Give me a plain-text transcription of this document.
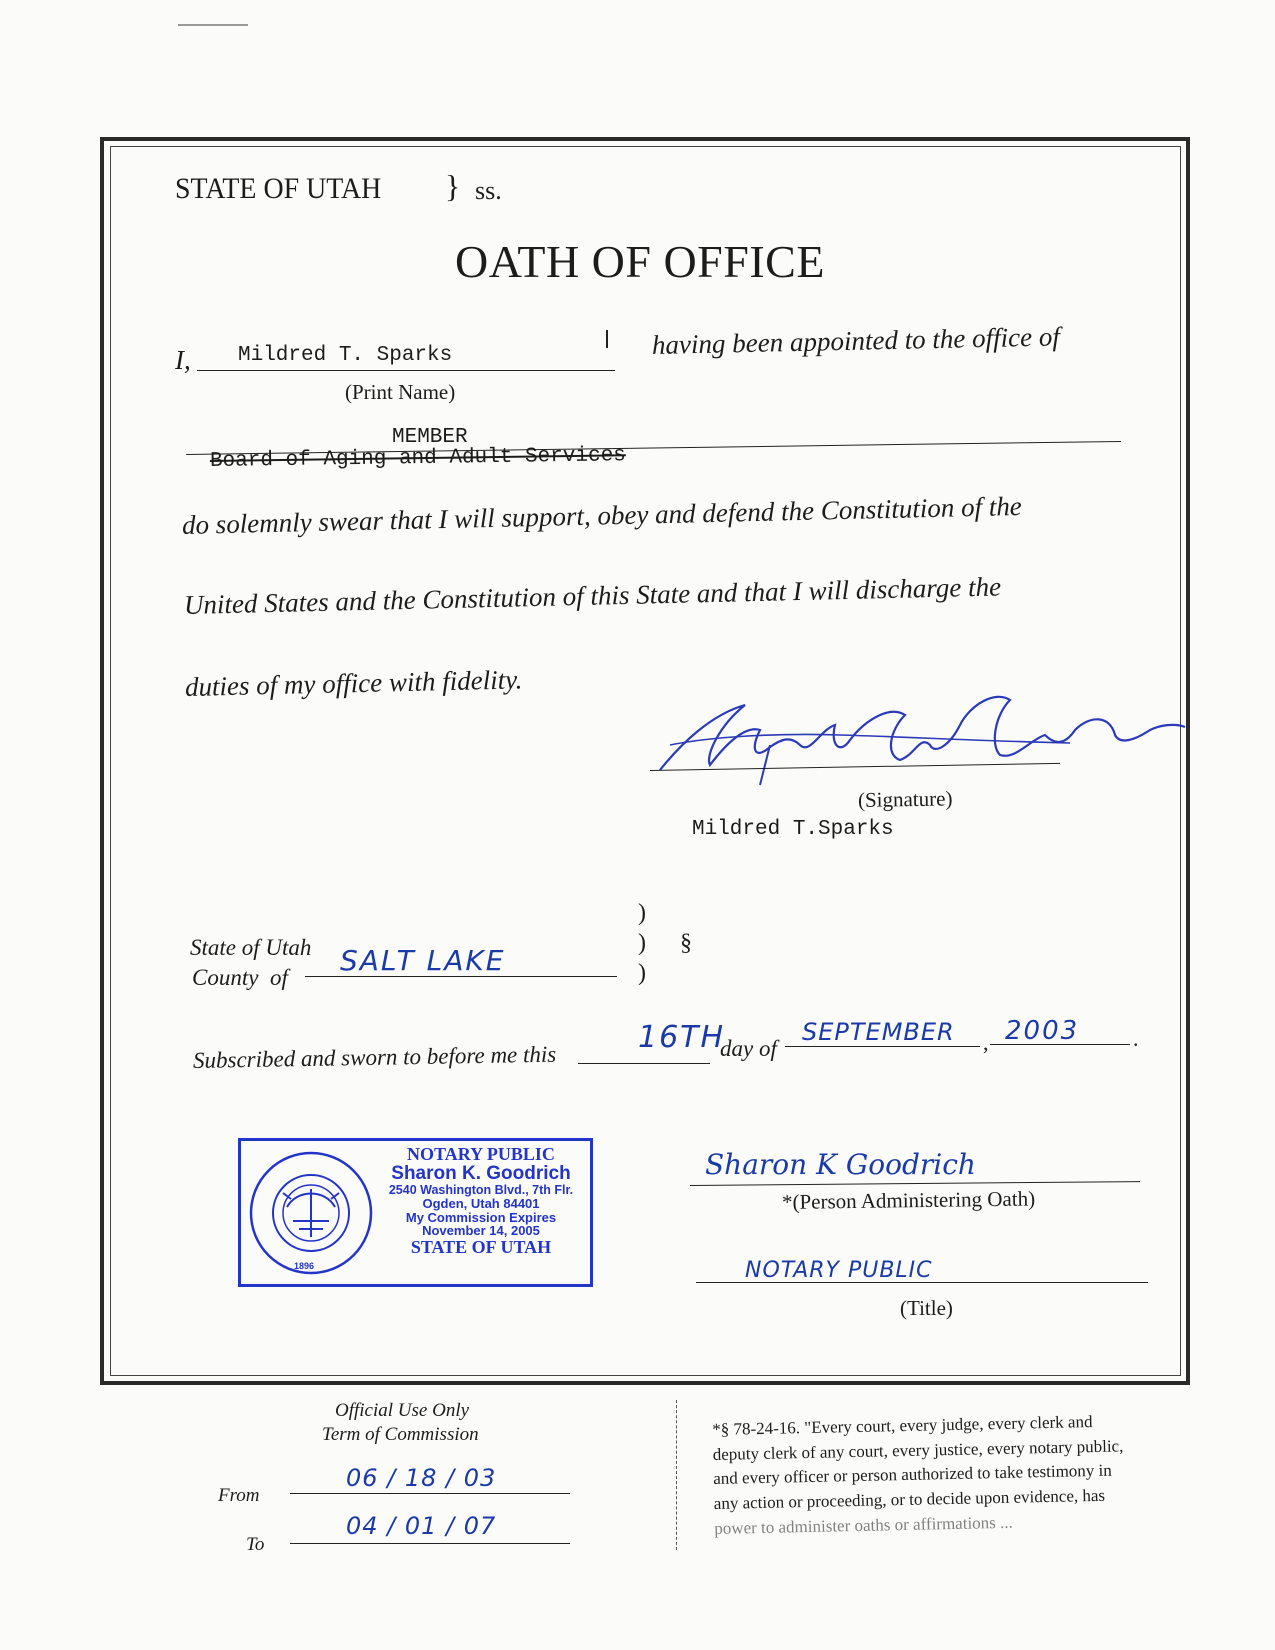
STATE OF UTAH } ss.
OATH OF OFFICE
I, Mildred T. Sparks
(Print Name)
having been appointed to the office of
MEMBER
Board of Aging and Adult Services
do solemnly swear that I will support, obey and defend the Constitution of the
United States and the Constitution of this State and that I will discharge the
duties of my office with fidelity.
(Signature)
Mildred T.Sparks
State of Utah
County  of
SALT LAKE
)
)
)
§
Subscribed and sworn to before me this
16TH
day of
SEPTEMBER , 2003 .
1896
NOTARY PUBLIC
Sharon K. Goodrich
2540 Washington Blvd., 7th Flr.
Ogden, Utah 84401
My Commission Expires
November 14, 2005
STATE OF UTAH
Sharon K Goodrich
*(Person Administering Oath)
NOTARY PUBLIC
(Title)
Official Use Only
Term of Commission
From
06 / 18 / 03
To
04 / 01 / 07
*§ 78-24-16. "Every court, every judge, every clerk and
deputy clerk of any court, every justice, every notary public,
and every officer or person authorized to take testimony in
any action or proceeding, or to decide upon evidence, has
power to administer oaths or affirmations ...
